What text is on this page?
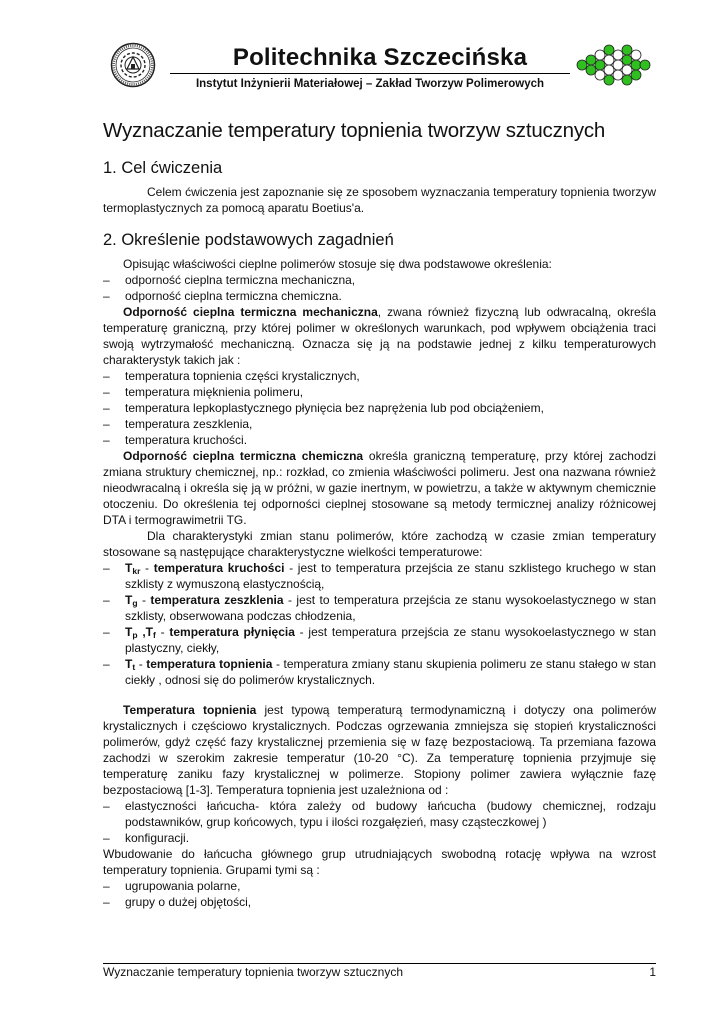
Politechnika Szczecińska
Instytut Inżynierii Materiałowej – Zakład Tworzyw Polimerowych
Wyznaczanie temperatury topnienia tworzyw sztucznych
1. Cel ćwiczenia

Celem ćwiczenia jest zapoznanie się ze sposobem wyznaczania temperatury topnienia tworzyw termoplastycznych za pomocą aparatu Boetius'a.

2. Określenie podstawowych zagadnień

Opisując właściwości cieplne polimerów stosuje się dwa podstawowe określenia:

– odporność cieplna termiczna mechaniczna,
– odporność cieplna termiczna chemiczna.

Odporność cieplna termiczna mechaniczna, zwana również fizyczną lub odwracalną, określa temperaturę graniczną, przy której polimer w określonych warunkach, pod wpływem obciążenia traci swoją wytrzymałość mechaniczną. Oznacza się ją na podstawie jednej z kilku temperaturowych charakterystyk takich jak :

– temperatura topnienia części krystalicznych,
– temperatura mięknienia polimeru,
– temperatura lepkoplastycznego płynięcia bez naprężenia lub pod obciążeniem,
– temperatura zeszklenia,
– temperatura kruchości.

Odporność cieplna termiczna chemiczna określa graniczną temperaturę, przy której zachodzi zmiana struktury chemicznej, np.: rozkład, co zmienia właściwości polimeru. Jest ona nazwana również nieodwracalną i określa się ją w próżni, w gazie inertnym, w powietrzu, a także w aktywnym chemicznie otoczeniu. Do określenia tej odporności cieplnej stosowane są metody termicznej analizy różnicowej DTA i termograwimetrii TG.

Dla charakterystyki zmian stanu polimerów, które zachodzą w czasie zmian temperatury stosowane są następujące charakterystyczne wielkości temperaturowe:

– $T_{kr}$ - temperatura kruchości - jest to temperatura przejścia ze stanu szklistego kruchego w stan szklisty z wymuszoną elastycznością,
– $T_g$ - temperatura zeszklenia - jest to temperatura przejścia ze stanu wysokoelastycznego w stan szklisty, obserwowana podczas chłodzenia,
– $T_p$ $,T_f$ - temperatura płynięcia - jest temperatura przejścia ze stanu wysokoelastycznego w stan plastyczny, ciekły,
– $T_t$ - temperatura topnienia - temperatura zmiany stanu skupienia polimeru ze stanu stałego w stan ciekły , odnosi się do polimerów krystalicznych.

Temperatura topnienia jest typową temperaturą termodynamiczną i dotyczy ona polimerów krystalicznych i częściowo krystalicznych. Podczas ogrzewania zmniejsza się stopień krystaliczności polimerów, gdyż część fazy krystalicznej przemienia się w fazę bezpostaciową. Ta przemiana fazowa zachodzi w szerokim zakresie temperatur (10-20 °C). Za temperaturę topnienia przyjmuje się temperaturę zaniku fazy krystalicznej w polimerze. Stopiony polimer zawiera wyłącznie fazę bezpostaciową [1-3]. Temperatura topnienia jest uzależniona od :

– elastyczności łańcucha- która zależy od budowy łańcucha (budowy chemicznej, rodzaju podstawników, grup końcowych, typu i ilości rozgałęzień, masy cząsteczkowej )
– konfiguracji.

Wbudowanie do łańcucha głównego grup utrudniających swobodną rotację wpływa na wzrost temperatury topnienia. Grupami tymi są :

– ugrupowania polarne,
– grupy o dużej objętości,
Wyznaczanie temperatury topnienia tworzyw sztucznych	1
